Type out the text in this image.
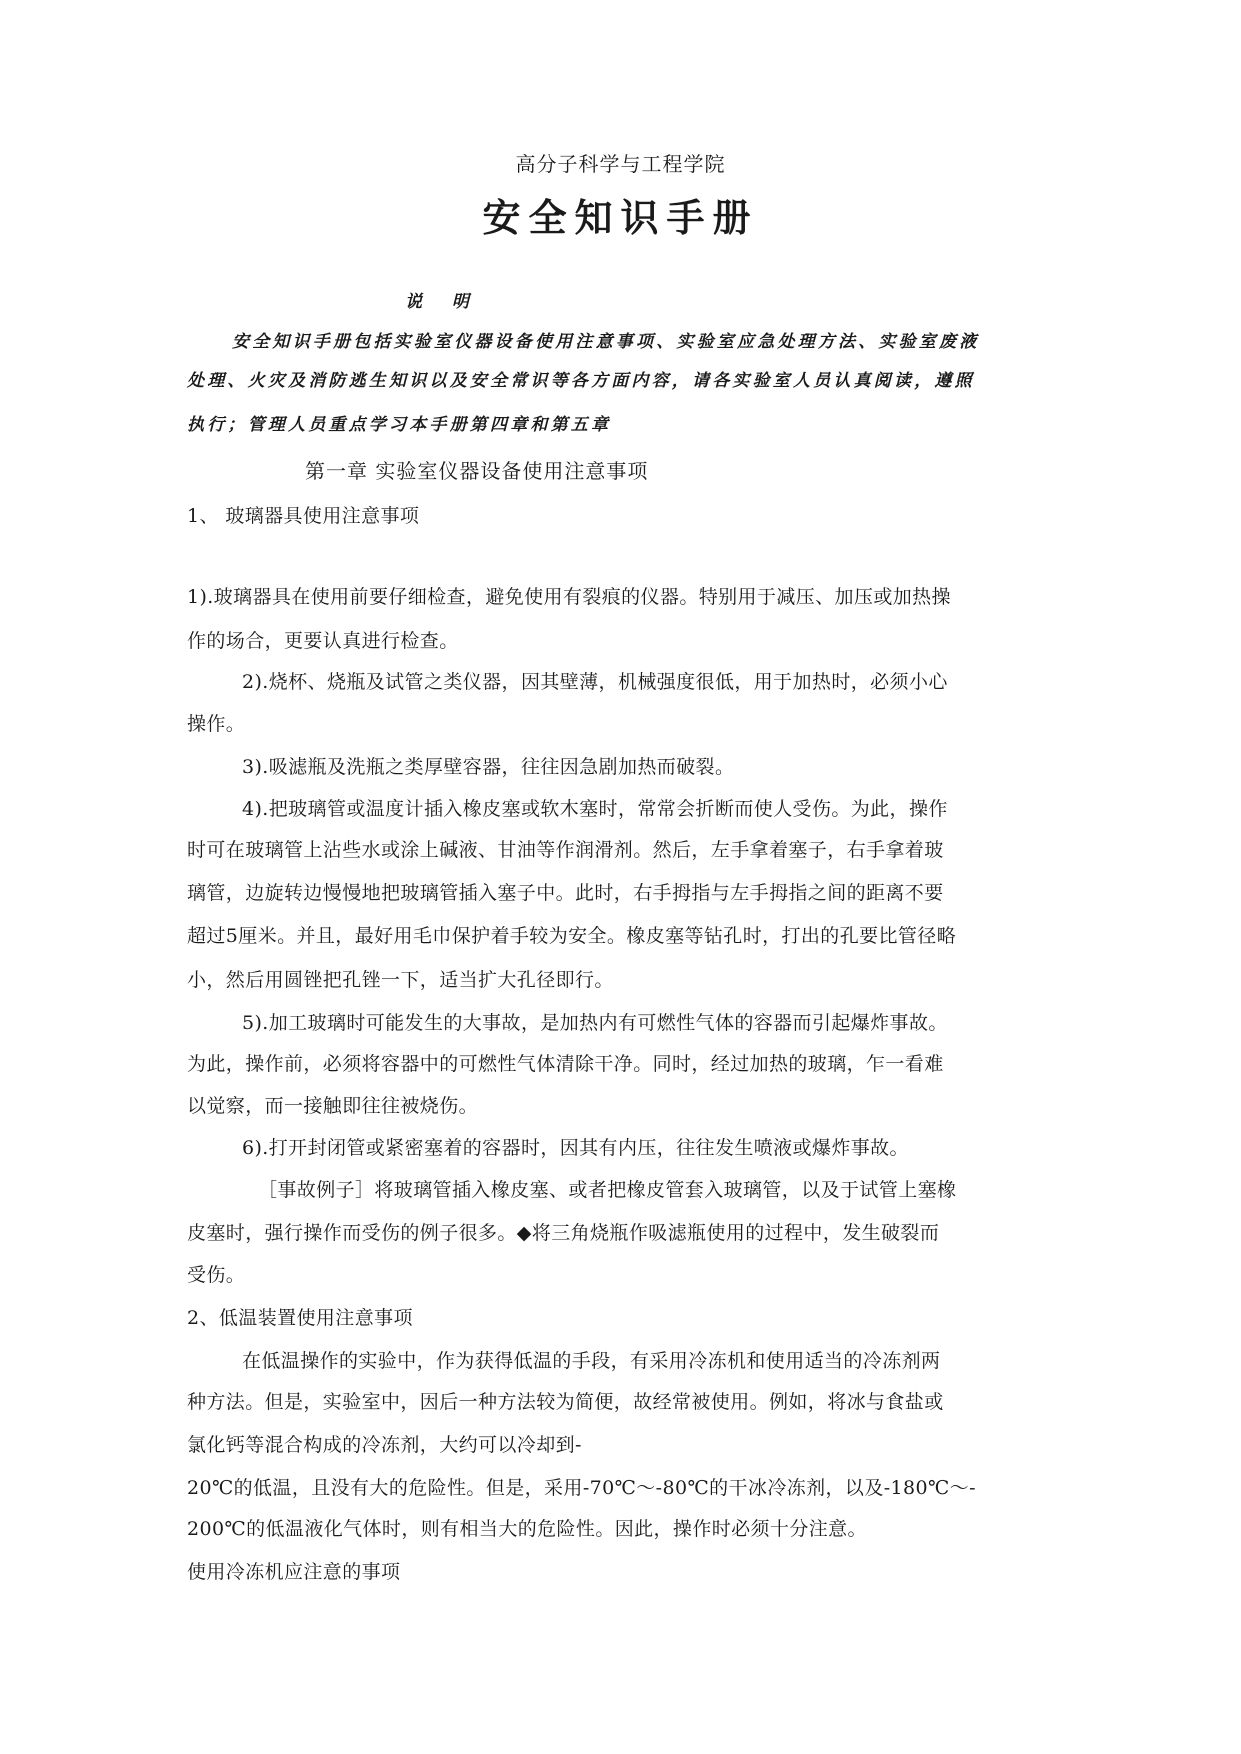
高分子科学与工程学院
安全知识手册
说 明
安全知识手册包括实验室仪器设备使用注意事项、实验室应急处理方法、实验室废液
处理、火灾及消防逃生知识以及安全常识等各方面内容，请各实验室人员认真阅读，遵照
执行；管理人员重点学习本手册第四章和第五章
第一章 实验室仪器设备使用注意事项
1、 玻璃器具使用注意事项
1).玻璃器具在使用前要仔细检查，避免使用有裂痕的仪器。特别用于减压、加压或加热操
作的场合，更要认真进行检查。
2).烧杯、烧瓶及试管之类仪器，因其壁薄，机械强度很低，用于加热时，必须小心
操作。
3).吸滤瓶及洗瓶之类厚壁容器，往往因急剧加热而破裂。
4).把玻璃管或温度计插入橡皮塞或软木塞时，常常会折断而使人受伤。为此，操作
时可在玻璃管上沾些水或涂上碱液、甘油等作润滑剂。然后，左手拿着塞子，右手拿着玻
璃管，边旋转边慢慢地把玻璃管插入塞子中。此时，右手拇指与左手拇指之间的距离不要
超过5厘米。并且，最好用毛巾保护着手较为安全。橡皮塞等钻孔时，打出的孔要比管径略
小，然后用圆锉把孔锉一下，适当扩大孔径即行。
5).加工玻璃时可能发生的大事故，是加热内有可燃性气体的容器而引起爆炸事故。
为此，操作前，必须将容器中的可燃性气体清除干净。同时，经过加热的玻璃，乍一看难
以觉察，而一接触即往往被烧伤。
6).打开封闭管或紧密塞着的容器时，因其有内压，往往发生喷液或爆炸事故。
［事故例子］将玻璃管插入橡皮塞、或者把橡皮管套入玻璃管，以及于试管上塞橡
皮塞时，强行操作而受伤的例子很多。◆将三角烧瓶作吸滤瓶使用的过程中，发生破裂而
受伤。
2、低温装置使用注意事项
在低温操作的实验中，作为获得低温的手段，有采用冷冻机和使用适当的冷冻剂两
种方法。但是，实验室中，因后一种方法较为简便，故经常被使用。例如，将冰与食盐或
氯化钙等混合构成的冷冻剂，大约可以冷却到-
20℃的低温，且没有大的危险性。但是，采用-70℃～-80℃的干冰冷冻剂，以及-180℃～-
200℃的低温液化气体时，则有相当大的危险性。因此，操作时必须十分注意。
使用冷冻机应注意的事项
